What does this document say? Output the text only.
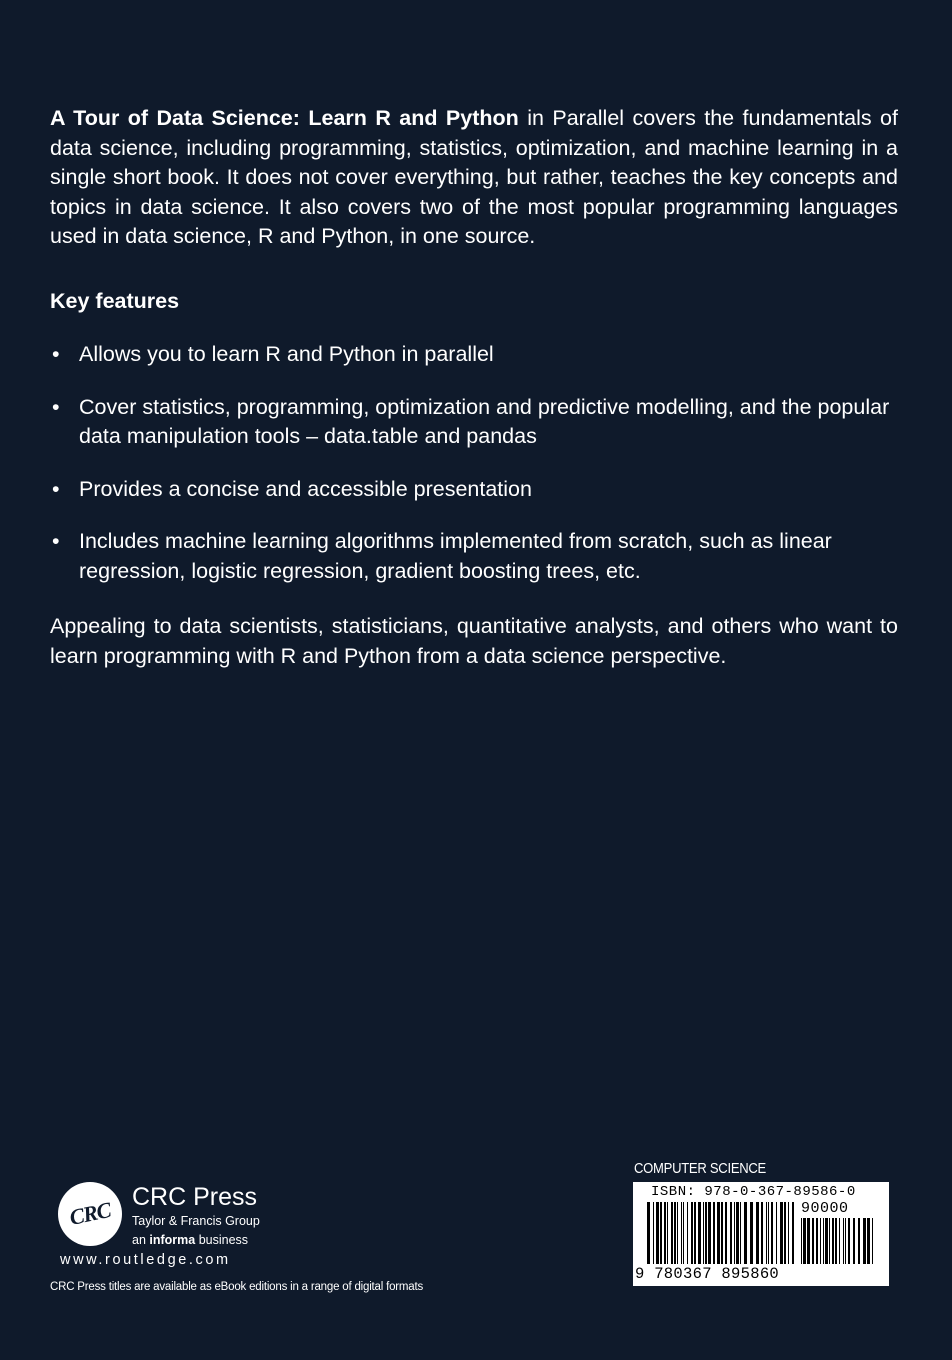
A Tour of Data Science: Learn R and Python in Parallel covers the fundamentals of data science, including programming, statistics, optimization, and machine learning in a single short book. It does not cover everything, but rather, teaches the key concepts and topics in data science. It also covers two of the most popular programming languages used in data science, R and Python, in one source.

Key features

• Allows you to learn R and Python in parallel
• Cover statistics, programming, optimization and predictive modelling, and the popular data manipulation tools – data.table and pandas
• Provides a concise and accessible presentation
• Includes machine learning algorithms implemented from scratch, such as linear regression, logistic regression, gradient boosting trees, etc.

Appealing to data scientists, statisticians, quantitative analysts, and others who want to learn programming with R and Python from a data science perspective.

CRC
CRC Press
Taylor & Francis Group
an informa business
www.routledge.com
CRC Press titles are available as eBook editions in a range of digital formats
COMPUTER SCIENCE
ISBN: 978-0-367-89586-0
90000
9 780367 895860
